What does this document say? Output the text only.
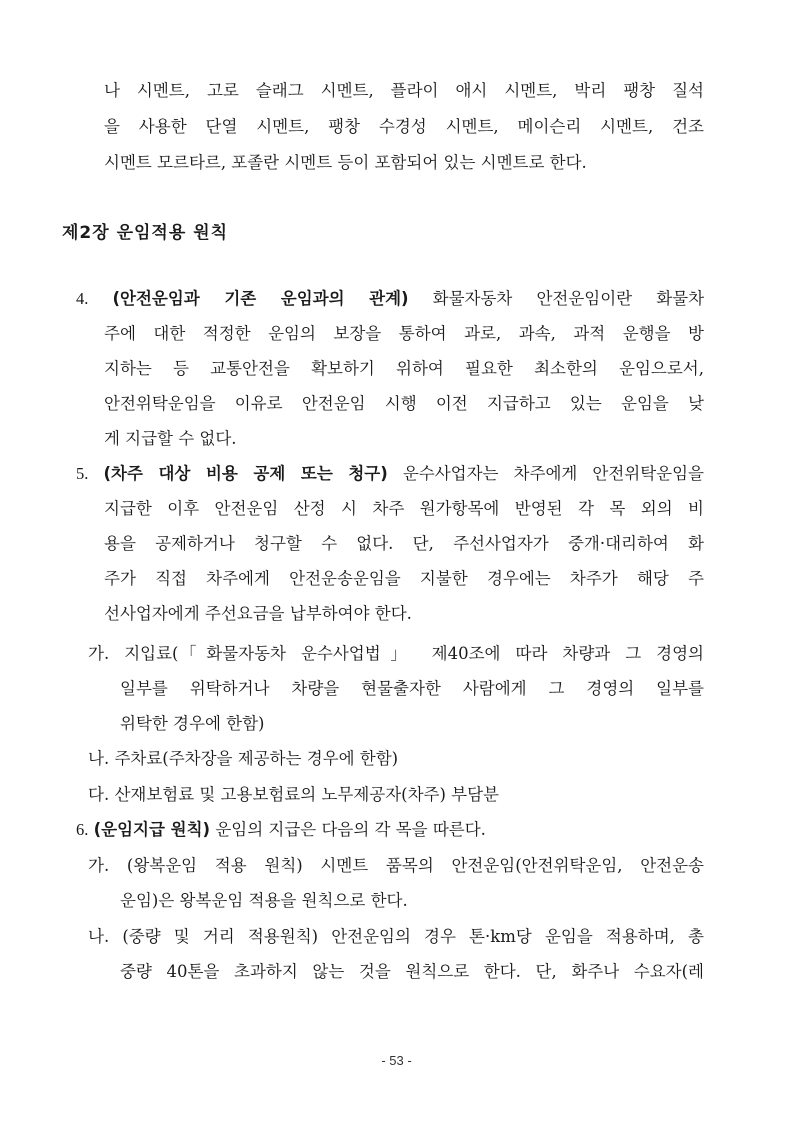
나 시멘트, 고로 슬래그 시멘트, 플라이 애시 시멘트, 박리 팽창 질석
을 사용한 단열 시멘트, 팽창 수경성 시멘트, 메이슨리 시멘트, 건조
시멘트 모르타르, 포졸란 시멘트 등이 포함되어 있는 시멘트로 한다.
제2장 운임적용 원칙
4. (안전운임과 기존 운임과의 관계) 화물자동차 안전운임이란 화물차
주에 대한 적정한 운임의 보장을 통하여 과로, 과속, 과적 운행을 방
지하는 등 교통안전을 확보하기 위하여 필요한 최소한의 운임으로서,
안전위탁운임을 이유로 안전운임 시행 이전 지급하고 있는 운임을 낮
게 지급할 수 없다.
5. (차주 대상 비용 공제 또는 청구) 운수사업자는 차주에게 안전위탁운임을
지급한 이후 안전운임 산정 시 차주 원가항목에 반영된 각 목 외의 비
용을 공제하거나 청구할 수 없다. 단, 주선사업자가 중개·대리하여 화
주가 직접 차주에게 안전운송운임을 지불한 경우에는 차주가 해당 주
선사업자에게 주선요금을 납부하여야 한다.
가. 지입료(「화물자동차 운수사업법」 제40조에 따라 차량과 그 경영의
일부를 위탁하거나 차량을 현물출자한 사람에게 그 경영의 일부를
위탁한 경우에 한함)
나. 주차료(주차장을 제공하는 경우에 한함)
다. 산재보험료 및 고용보험료의 노무제공자(차주) 부담분
6. (운임지급 원칙) 운임의 지급은 다음의 각 목을 따른다.
가. (왕복운임 적용 원칙) 시멘트 품목의 안전운임(안전위탁운임, 안전운송
운임)은 왕복운임 적용을 원칙으로 한다.
나. (중량 및 거리 적용원칙) 안전운임의 경우 톤·km당 운임을 적용하며, 총
중량 40톤을 초과하지 않는 것을 원칙으로 한다. 단, 화주나 수요자(레
- 53 -
